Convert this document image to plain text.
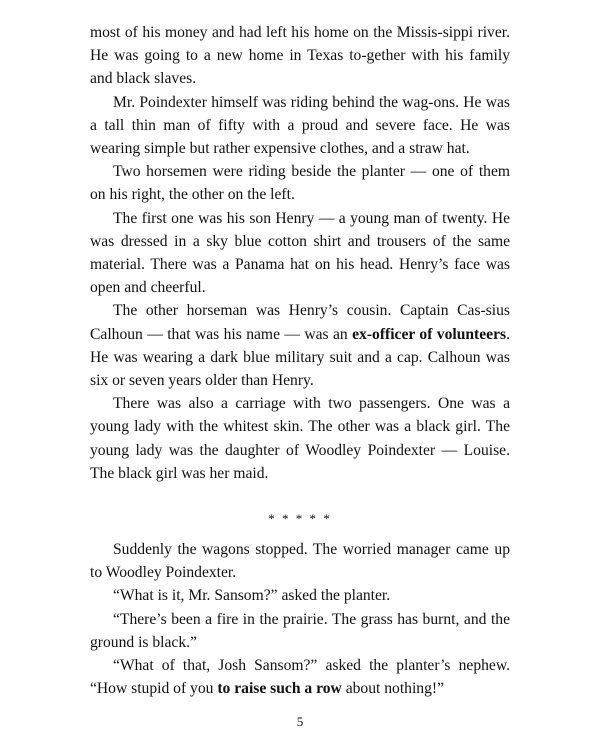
most of his money and had left his home on the Missis-sippi river. He was going to a new home in Texas to-gether with his family and black slaves.

Mr. Poindexter himself was riding behind the wag-ons. He was a tall thin man of fifty with a proud and severe face. He was wearing simple but rather expensive clothes, and a straw hat.

Two horsemen were riding beside the planter — one of them on his right, the other on the left.

The first one was his son Henry — a young man of twenty. He was dressed in a sky blue cotton shirt and trousers of the same material. There was a Panama hat on his head. Henry’s face was open and cheerful.

The other horseman was Henry’s cousin. Captain Cas-sius Calhoun — that was his name — was an ex-officer of volunteers. He was wearing a dark blue military suit and a cap. Calhoun was six or seven years older than Henry.

There was also a carriage with two passengers. One was a young lady with the whitest skin. The other was a black girl. The young lady was the daughter of Woodley Poindexter — Louise. The black girl was her maid.

* * * * *

Suddenly the wagons stopped. The worried manager came up to Woodley Poindexter.

“What is it, Mr. Sansom?” asked the planter.

“There’s been a fire in the prairie. The grass has burnt, and the ground is black.”

“What of that, Josh Sansom?” asked the planter’s nephew. “How stupid of you to raise such a row about nothing!”

5
